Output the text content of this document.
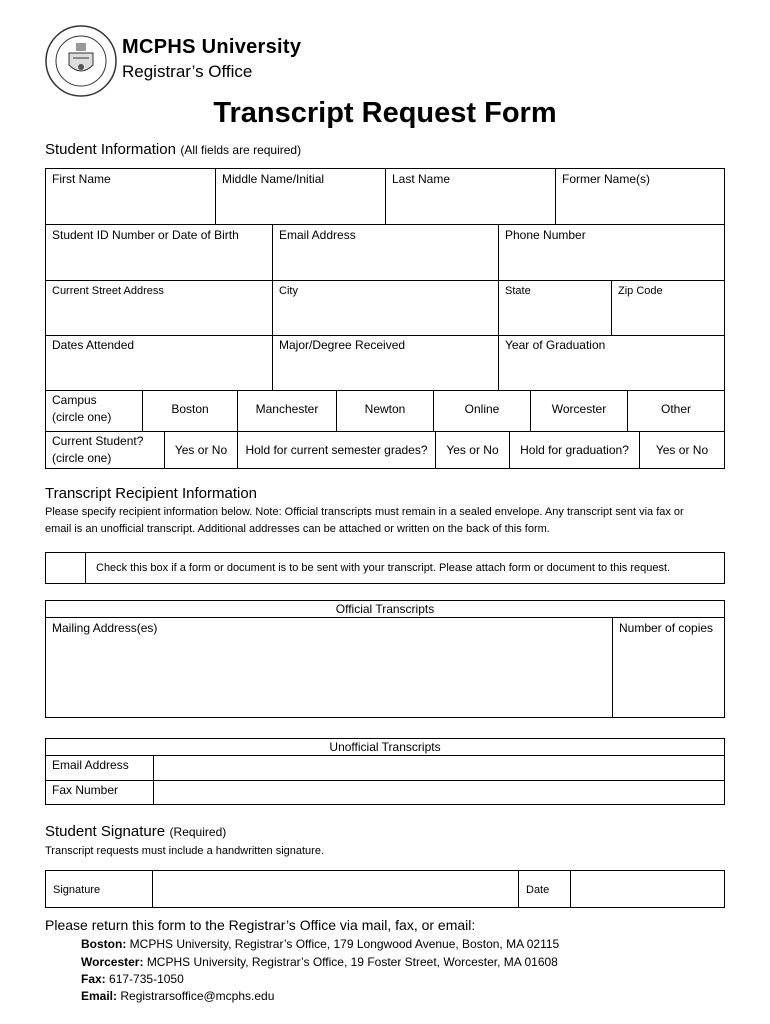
MCPHS University
Registrar’s Office
Transcript Request Form
Student Information (All fields are required)
First Name	Middle Name/Initial	Last Name	Former Name(s)
Student ID Number or Date of Birth	Email Address	Phone Number
Current Street Address	City	State	Zip Code
Dates Attended	Major/Degree Received	Year of Graduation
Campus
(circle one)
Boston	Manchester	Newton	Online	Worcester	Other
Current Student?
(circle one)
Yes or No	Hold for current semester grades?	Yes or No	Hold for graduation?	Yes or No
Transcript Recipient Information
Please specify recipient information below. Note: Official transcripts must remain in a sealed envelope. Any transcript sent via fax or
email is an unofficial transcript. Additional addresses can be attached or written on the back of this form.
Check this box if a form or document is to be sent with your transcript. Please attach form or document to this request.
Official Transcripts
Mailing Address(es)	Number of copies
Unofficial Transcripts
Email Address
Fax Number
Student Signature (Required)
Transcript requests must include a handwritten signature.
Signature	Date
Please return this form to the Registrar’s Office via mail, fax, or email:
Boston: MCPHS University, Registrar’s Office, 179 Longwood Avenue, Boston, MA 02115
Worcester: MCPHS University, Registrar’s Office, 19 Foster Street, Worcester, MA 01608
Fax: 617-735-1050
Email: Registrarsoffice@mcphs.edu
